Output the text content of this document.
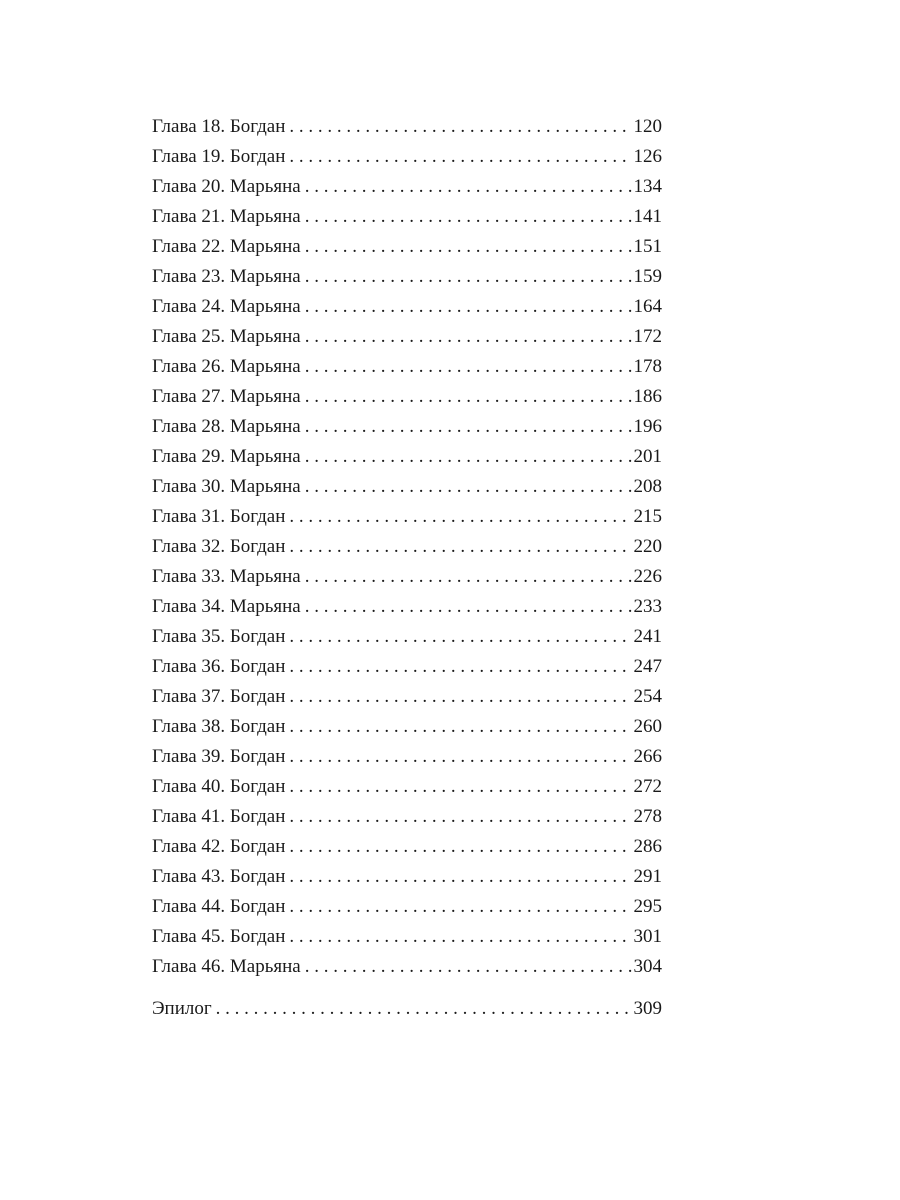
Глава 18. Богдан . . .	120
Глава 19. Богдан . . .	126
Глава 20. Марьяна . . .	134
Глава 21. Марьяна . . .	141
Глава 22. Марьяна . . .	151
Глава 23. Марьяна . . .	159
Глава 24. Марьяна . . .	164
Глава 25. Марьяна . . .	172
Глава 26. Марьяна . . .	178
Глава 27. Марьяна . . .	186
Глава 28. Марьяна . . .	196
Глава 29. Марьяна . . .	201
Глава 30. Марьяна . . .	208
Глава 31. Богдан . . .	215
Глава 32. Богдан . . .	220
Глава 33. Марьяна . . .	226
Глава 34. Марьяна . . .	233
Глава 35. Богдан . . .	241
Глава 36. Богдан . . .	247
Глава 37. Богдан . . .	254
Глава 38. Богдан . . .	260
Глава 39. Богдан . . .	266
Глава 40. Богдан . . .	272
Глава 41. Богдан . . .	278
Глава 42. Богдан . . .	286
Глава 43. Богдан . . .	291
Глава 44. Богдан . . .	295
Глава 45. Богдан . . .	301
Глава 46. Марьяна . . .	304
Эпилог . . .	309
